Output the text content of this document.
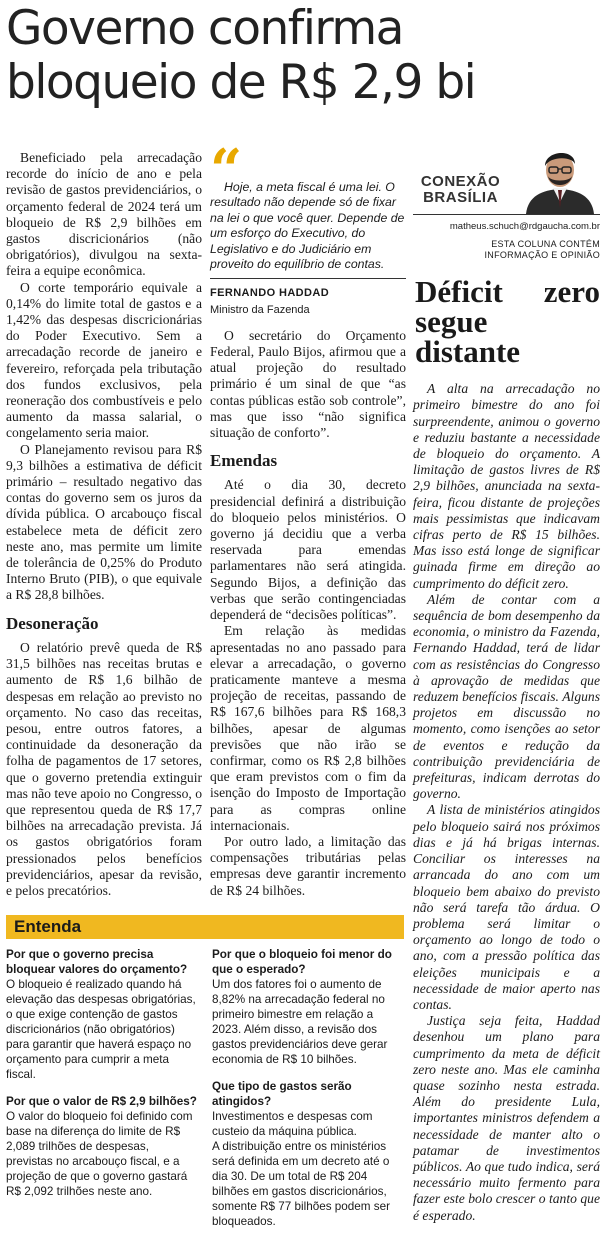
Governo confirma bloqueio de R$ 2,9 bi

Beneficiado pela arrecadação recorde do início de ano e pela revisão de gastos previdenciários, o orçamento federal de 2024 terá um bloqueio de R$ 2,9 bilhões em gastos discricionários (não obrigatórios), divulgou na sexta-feira a equipe econômica.

O corte temporário equivale a 0,14% do limite total de gastos e a 1,42% das despesas discricionárias do Poder Executivo. Sem a arrecadação recorde de janeiro e fevereiro, reforçada pela tributação dos fundos exclusivos, pela reoneração dos combustíveis e pelo aumento da massa salarial, o congelamento seria maior.

O Planejamento revisou para R$ 9,3 bilhões a estimativa de déficit primário – resultado negativo das contas do governo sem os juros da dívida pública. O arcabouço fiscal estabelece meta de déficit zero neste ano, mas permite um limite de tolerância de 0,25% do Produto Interno Bruto (PIB), o que equivale a R$ 28,8 bilhões.

Desoneração

O relatório prevê queda de R$ 31,5 bilhões nas receitas brutas e aumento de R$ 1,6 bilhão de despesas em relação ao previsto no orçamento. No caso das receitas, pesou, entre outros fatores, a continuidade da desoneração da folha de pagamentos de 17 setores, que o governo pretendia extinguir mas não teve apoio no Congresso, o que representou queda de R$ 17,7 bilhões na arrecadação prevista. Já os gastos obrigatórios foram pressionados pelos benefícios previdenciários, apesar da revisão, e pelos precatórios.

“

Hoje, a meta fiscal é uma lei. O resultado não depende só de fixar na lei o que você quer. Depende de um esforço do Executivo, do Legislativo e do Judiciário em proveito do equilíbrio de contas.

FERNANDO HADDAD
Ministro da Fazenda

O secretário do Orçamento Federal, Paulo Bijos, afirmou que a atual projeção do resultado primário é um sinal de que “as contas públicas estão sob controle”, mas que isso “não significa situação de conforto”.

Emendas

Até o dia 30, decreto presidencial definirá a distribuição do bloqueio pelos ministérios. O governo já decidiu que a verba reservada para emendas parlamentares não será atingida. Segundo Bijos, a definição das verbas que serão contingenciadas dependerá de “decisões políticas”.

Em relação às medidas apresentadas no ano passado para elevar a arrecadação, o governo praticamente manteve a mesma projeção de receitas, passando de R$ 167,6 bilhões para R$ 168,3 bilhões, apesar de algumas previsões que não irão se confirmar, como os R$ 2,8 bilhões que eram previstos com o fim da isenção do Imposto de Importação para as compras online internacionais.

Por outro lado, a limitação das compensações tributárias pelas empresas deve garantir incremento de R$ 24 bilhões.

CONEXÃO
BRASÍLIA
matheus.schuch@rdgaucha.com.br
ESTA COLUNA CONTÉM
INFORMAÇÃO E OPINIÃO
Déficit zero segue distante

A alta na arrecadação no primeiro bimestre do ano foi surpreendente, animou o governo e reduziu bastante a necessidade de bloqueio do orçamento. A limitação de gastos livres de R$ 2,9 bilhões, anunciada na sexta-feira, ficou distante de projeções mais pessimistas que indicavam cifras perto de R$ 15 bilhões. Mas isso está longe de significar guinada firme em direção ao cumprimento do déficit zero.

Além de contar com a sequência de bom desempenho da economia, o ministro da Fazenda, Fernando Haddad, terá de lidar com as resistências do Congresso à aprovação de medidas que reduzem benefícios fiscais. Alguns projetos em discussão no momento, como isenções ao setor de eventos e redução da contribuição previdenciária de prefeituras, indicam derrotas do governo.

A lista de ministérios atingidos pelo bloqueio sairá nos próximos dias e já há brigas internas. Conciliar os interesses na arrancada do ano com um bloqueio bem abaixo do previsto não será tarefa tão árdua. O problema será limitar o orçamento ao longo de todo o ano, com a pressão política das eleições municipais e a necessidade de maior aperto nas contas.

Justiça seja feita, Haddad desenhou um plano para cumprimento da meta de déficit zero neste ano. Mas ele caminha quase sozinho nesta estrada. Além do presidente Lula, importantes ministros defendem a necessidade de manter alto o patamar de investimentos públicos. Ao que tudo indica, será necessário muito fermento para fazer este bolo crescer o tanto que é esperado.

Entenda

Por que o governo precisa bloquear valores do orçamento?

O bloqueio é realizado quando há elevação das despesas obrigatórias, o que exige contenção de gastos discricionários (não obrigatórios) para garantir que haverá espaço no orçamento para cumprir a meta fiscal.

Por que o valor de R$ 2,9 bilhões?

O valor do bloqueio foi definido com base na diferença do limite de R$ 2,089 trilhões de despesas, previstas no arcabouço fiscal, e a projeção de que o governo gastará R$ 2,092 trilhões neste ano.

Por que o bloqueio foi menor do que o esperado?

Um dos fatores foi o aumento de 8,82% na arrecadação federal no primeiro bimestre em relação a 2023. Além disso, a revisão dos gastos previdenciários deve gerar economia de R$ 10 bilhões.

Que tipo de gastos serão atingidos?

Investimentos e despesas com custeio da máquina pública.

A distribuição entre os ministérios será definida em um decreto até o dia 30. De um total de R$ 204 bilhões em gastos discricionários, somente R$ 77 bilhões podem ser bloqueados.
